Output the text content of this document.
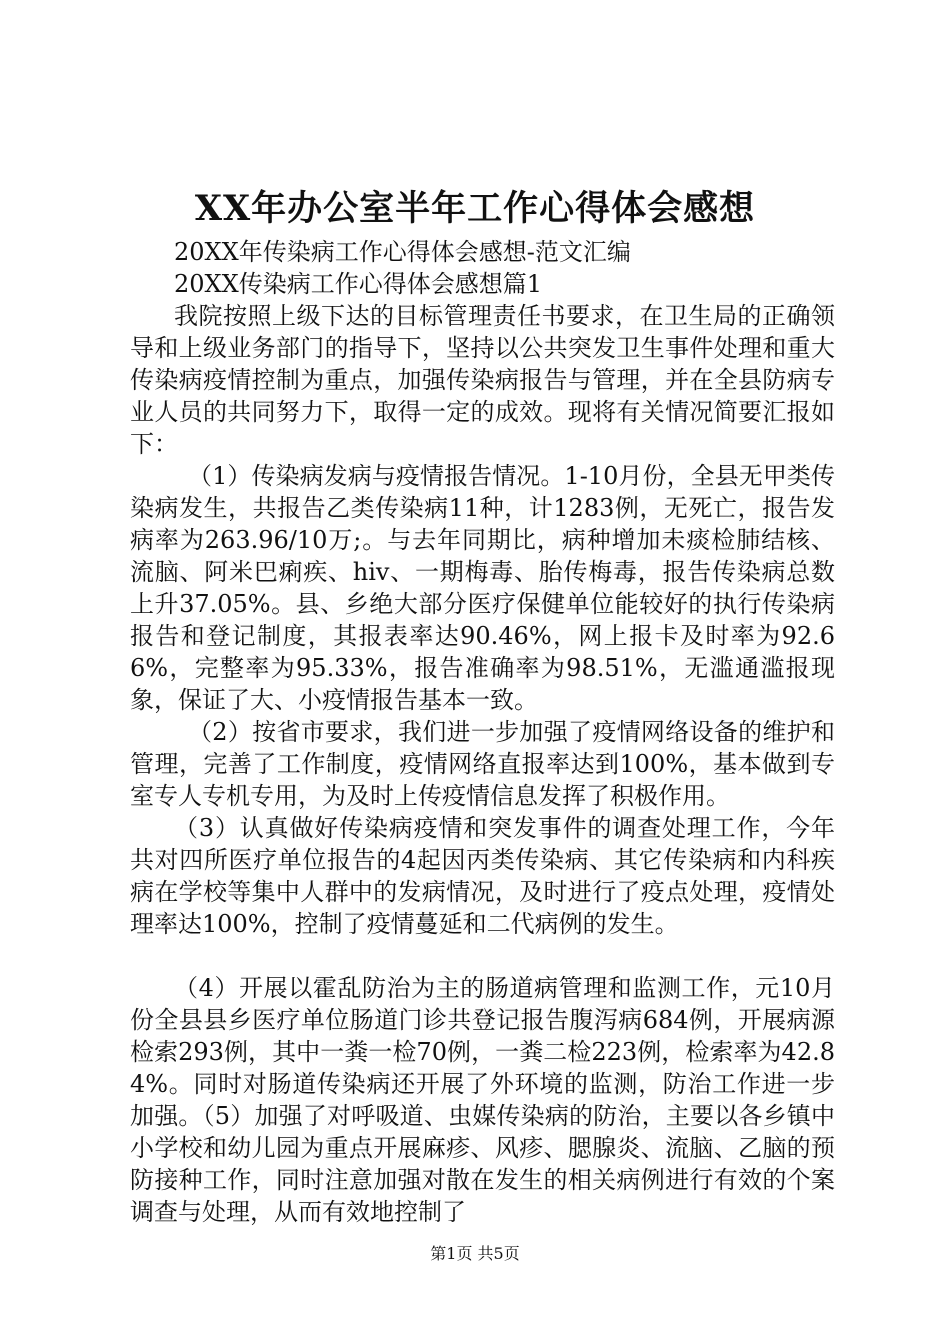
XX年办公室半年工作心得体会感想

20XX年传染病工作心得体会感想-范文汇编

20XX传染病工作心得体会感想篇1

我院按照上级下达的目标管理责任书要求，在卫生局的正确领导和上级业务部门的指导下，坚持以公共突发卫生事件处理和重大传染病疫情控制为重点，加强传染病报告与管理，并在全县防病专业人员的共同努力下，取得一定的成效。现将有关情况简要汇报如下：

（1）传染病发病与疫情报告情况。1-10月份，全县无甲类传染病发生，共报告乙类传染病11种，计1283例，无死亡，报告发病率为263.96/10万;。与去年同期比，病种增加未痰检肺结核、流脑、阿米巴痢疾、hiv、一期梅毒、胎传梅毒，报告传染病总数上升37.05%。县、乡绝大部分医疗保健单位能较好的执行传染病报告和登记制度，其报表率达90.46%，网上报卡及时率为92.66%，完整率为95.33%，报告准确率为98.51%，无滥通滥报现象，保证了大、小疫情报告基本一致。

（2）按省市要求，我们进一步加强了疫情网络设备的维护和管理，完善了工作制度，疫情网络直报率达到100%，基本做到专室专人专机专用，为及时上传疫情信息发挥了积极作用。

（3）认真做好传染病疫情和突发事件的调查处理工作，今年共对四所医疗单位报告的4起因丙类传染病、其它传染病和内科疾病在学校等集中人群中的发病情况，及时进行了疫点处理，疫情处理率达100%，控制了疫情蔓延和二代病例的发生。

（4）开展以霍乱防治为主的肠道病管理和监测工作，元10月份全县县乡医疗单位肠道门诊共登记报告腹泻病684例，开展病源检索293例，其中一粪一检70例，一粪二检223例，检索率为42.84%。同时对肠道传染病还开展了外环境的监测，防治工作进一步加强。（5）加强了对呼吸道、虫媒传染病的防治，主要以各乡镇中小学校和幼儿园为重点开展麻疹、风疹、腮腺炎、流脑、乙脑的预防接种工作，同时注意加强对散在发生的相关病例进行有效的个案调查与处理，从而有效地控制了

第1页 共5页
